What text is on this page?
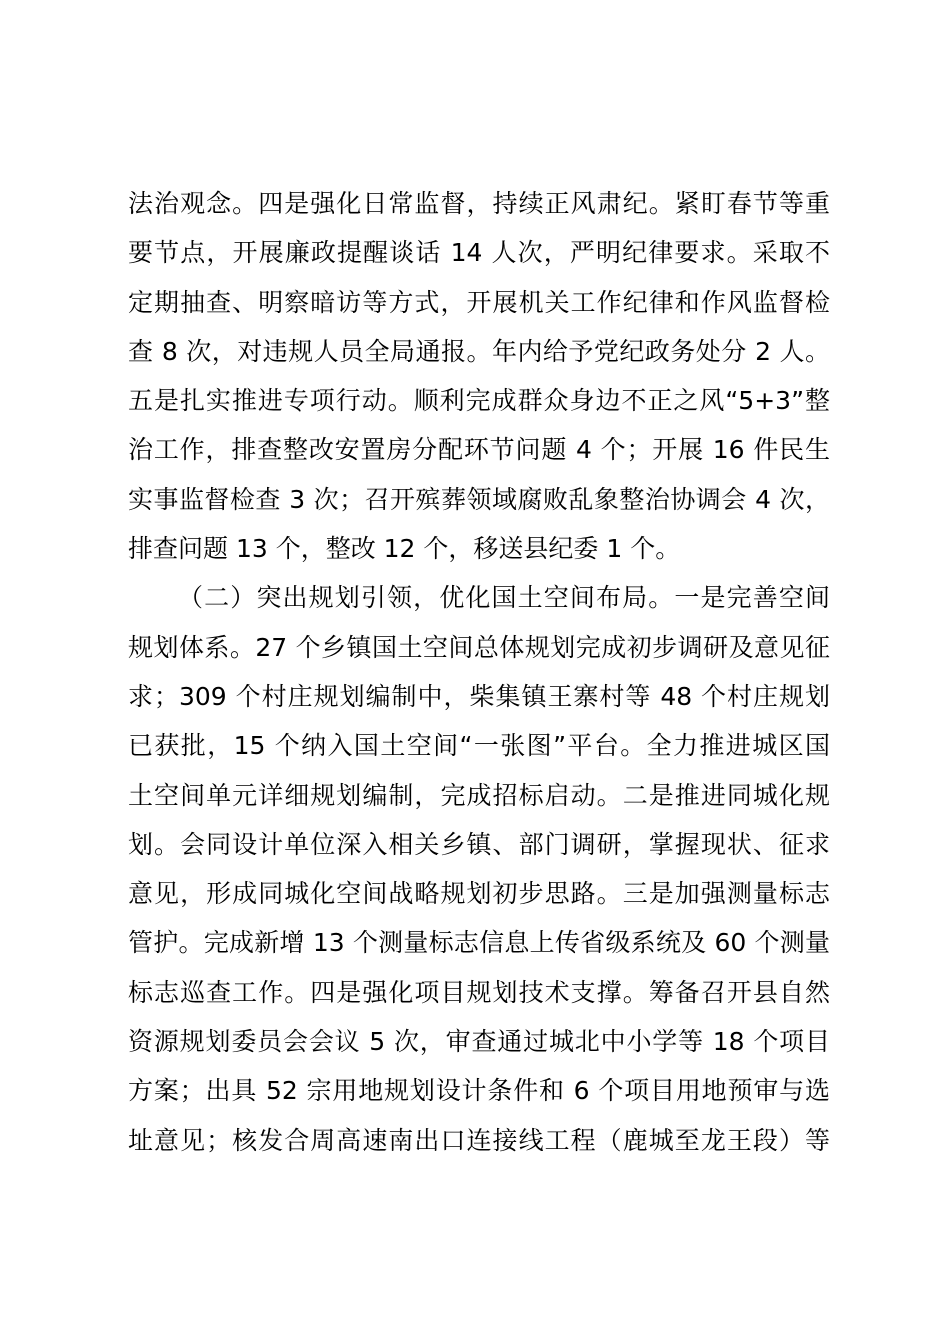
法治观念。四是强化日常监督，持续正风肃纪。紧盯春节等重
要节点，开展廉政提醒谈话 14 人次，严明纪律要求。采取不
定期抽查、明察暗访等方式，开展机关工作纪律和作风监督检
查 8 次，对违规人员全局通报。年内给予党纪政务处分 2 人。
五是扎实推进专项行动。顺利完成群众身边不正之风“5+3”整
治工作，排查整改安置房分配环节问题 4 个；开展 16 件民生
实事监督检查 3 次；召开殡葬领域腐败乱象整治协调会 4 次，
排查问题 13 个，整改 12 个，移送县纪委 1 个。
（二）突出规划引领，优化国土空间布局。一是完善空间
规划体系。27 个乡镇国土空间总体规划完成初步调研及意见征
求；309 个村庄规划编制中，柴集镇王寨村等 48 个村庄规划
已获批，15 个纳入国土空间“一张图”平台。全力推进城区国
土空间单元详细规划编制，完成招标启动。二是推进同城化规
划。会同设计单位深入相关乡镇、部门调研，掌握现状、征求
意见，形成同城化空间战略规划初步思路。三是加强测量标志
管护。完成新增 13 个测量标志信息上传省级系统及 60 个测量
标志巡查工作。四是强化项目规划技术支撑。筹备召开县自然
资源规划委员会会议 5 次，审查通过城北中小学等 18 个项目
方案；出具 52 宗用地规划设计条件和 6 个项目用地预审与选
址意见；核发合周高速南出口连接线工程（鹿城至龙王段）等
